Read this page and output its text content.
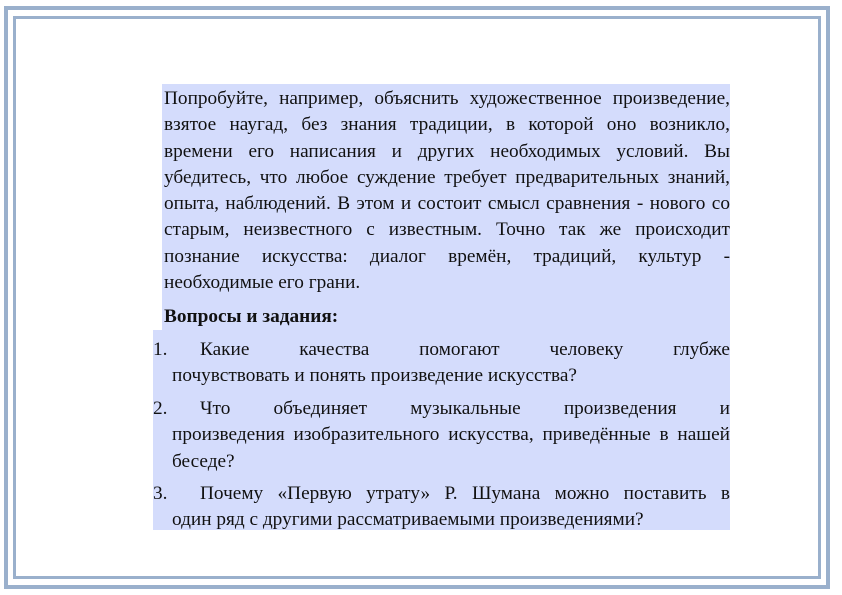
Попробуйте, например, объяснить художественное произведение, взятое наугад, без знания традиции, в которой оно возникло, времени его написания и других необходимых условий. Вы убедитесь, что любое суждение требует предварительных знаний, опыта, наблюдений. В этом и состоит смысл сравнения - нового со старым, неизвестного с известным. Точно так же происходит познание искусства: диалог времён, традиций, культур - необходимые его грани.

Вопросы и задания:

1. Какие качества помогают человеку глубже
почувствовать и понять произведение искусства?
2. Что объединяет музыкальные произведения и
произведения изобразительного искусства, приведённые в нашей беседе?
3. Почему «Первую утрату» Р. Шумана можно поставить в
один ряд с другими рассматриваемыми произведениями?
